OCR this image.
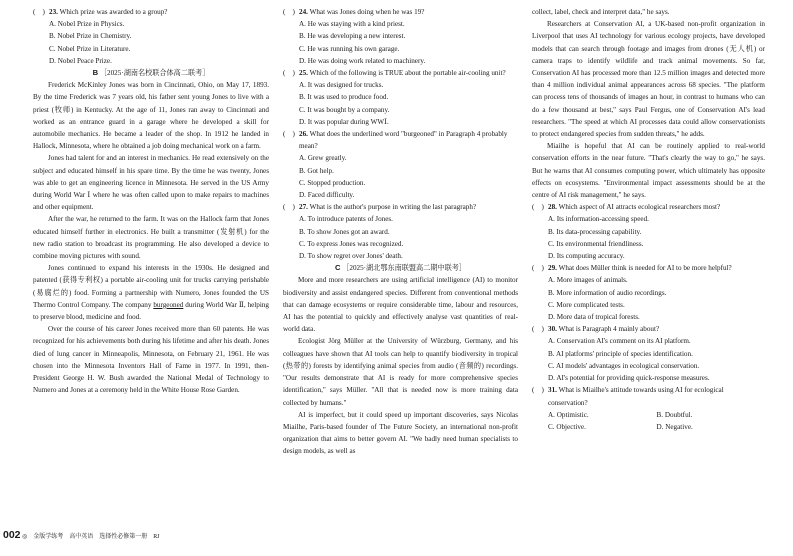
(　) 23. Which prize was awarded to a group?
A. Nobel Prize in Physics.
B. Nobel Prize in Chemistry.
C. Nobel Prize in Literature.
D. Nobel Peace Prize.
B ［2025·湖南名校联合体高二联考］

Frederick McKinley Jones was born in Cincinnati, Ohio, on May 17, 1893. By the time Frederick was 7 years old, his father sent young Jones to live with a priest (牧师) in Kentucky. At the age of 11, Jones ran away to Cincinnati and worked as an entrance guard in a garage where he developed a skill for automobile mechanics. He became a leader of the shop. In 1912 he landed in Hallock, Minnesota, where he obtained a job doing mechanical work on a farm.

Jones had talent for and an interest in mechanics. He read extensively on the subject and educated himself in his spare time. By the time he was twenty, Jones was able to get an engineering licence in Minnesota. He served in the US Army during World War Ⅰ where he was often called upon to make repairs to machines and other equipment.

After the war, he returned to the farm. It was on the Hallock farm that Jones educated himself further in electronics. He built a transmitter (发射机) for the new radio station to broadcast its programming. He also developed a device to combine moving pictures with sound.

Jones continued to expand his interests in the 1930s. He designed and patented (获得专利权) a portable air-cooling unit for trucks carrying perishable (易腐烂的) food. Forming a partnership with Numero, Jones founded the US Thermo Control Company. The company burgeoned during World War Ⅱ, helping to preserve blood, medicine and food.

Over the course of his career Jones received more than 60 patents. He was recognized for his achievements both during his lifetime and after his death. Jones died of lung cancer in Minneapolis, Minnesota, on February 21, 1961. He was chosen into the Minnesota Inventors Hall of Fame in 1977. In 1991, then-President George H. W. Bush awarded the National Medal of Technology to Numero and Jones at a ceremony held in the White House Rose Garden.

(　) 24. What was Jones doing when he was 19?
A. He was staying with a kind priest.
B. He was developing a new interest.
C. He was running his own garage.
D. He was doing work related to machinery.
(　) 25. Which of the following is TRUE about the portable air-cooling unit?
A. It was designed for trucks.
B. It was used to produce food.
C. It was bought by a company.
D. It was popular during WWⅠ.
(　) 26. What does the underlined word "burgeoned" in Paragraph 4 probably mean?
A. Grew greatly.
B. Got help.
C. Stopped production.
D. Faced difficulty.
(　) 27. What is the author's purpose in writing the last paragraph?
A. To introduce patents of Jones.
B. To show Jones got an award.
C. To express Jones was recognized.
D. To show regret over Jones' death.
C ［2025·湖北鄂东南联盟高二期中联考］

More and more researchers are using artificial intelligence (AI) to monitor biodiversity and assist endangered species. Different from conventional methods that can damage ecosystems or require considerable time, labour and resources, AI has the potential to quickly and effectively analyse vast quantities of real-world data.

Ecologist Jörg Müller at the University of Würzburg, Germany, and his colleagues have shown that AI tools can help to quantify biodiversity in tropical (热带的) forests by identifying animal species from audio (音频的) recordings. "Our results demonstrate that AI is ready for more comprehensive species identification," says Müller. "All that is needed now is more training data collected by humans."

AI is imperfect, but it could speed up important discoveries, says Nicolas Miailhe, Paris-based founder of The Future Society, an international non-profit organization that aims to better govern AI. "We badly need human specialists to design models, as well as

collect, label, check and interpret data," he says.

Researchers at Conservation AI, a UK-based non-profit organization in Liverpool that uses AI technology for various ecology projects, have developed models that can search through footage and images from drones (无人机) or camera traps to identify wildlife and track animal movements. So far, Conservation AI has processed more than 12.5 million images and detected more than 4 million individual animal appearances across 68 species. "The platform can process tens of thousands of images an hour, in contrast to humans who can do a few thousand at best," says Paul Fergus, one of Conservation AI's lead researchers. "The speed at which AI processes data could allow conservationists to protect endangered species from sudden threats," he adds.

Miailhe is hopeful that AI can be routinely applied to real-world conservation efforts in the near future. "That's clearly the way to go," he says. But he warns that AI consumes computing power, which ultimately has opposite effects on ecosystems. "Environmental impact assessments should be at the centre of AI risk management," he says.

(　) 28. Which aspect of AI attracts ecological researchers most?
A. Its information-accessing speed.
B. Its data-processing capability.
C. Its environmental friendliness.
D. Its computing accuracy.
(　) 29. What does Müller think is needed for AI to be more helpful?
A. More images of animals.
B. More information of audio recordings.
C. More complicated tests.
D. More data of tropical forests.
(　) 30. What is Paragraph 4 mainly about?
A. Conservation AI's comment on its AI platform.
B. AI platforms' principle of species identification.
C. AI models' advantages in ecological conservation.
D. AI's potential for providing quick-response measures.
(　) 31. What is Miailhe's attitude towards using AI for ecological conservation?
A. Optimistic.	B. Doubtful.
C. Objective.	D. Negative.
002 ◎　金版学练考　高中英语　选择性必修第一册　RJ
